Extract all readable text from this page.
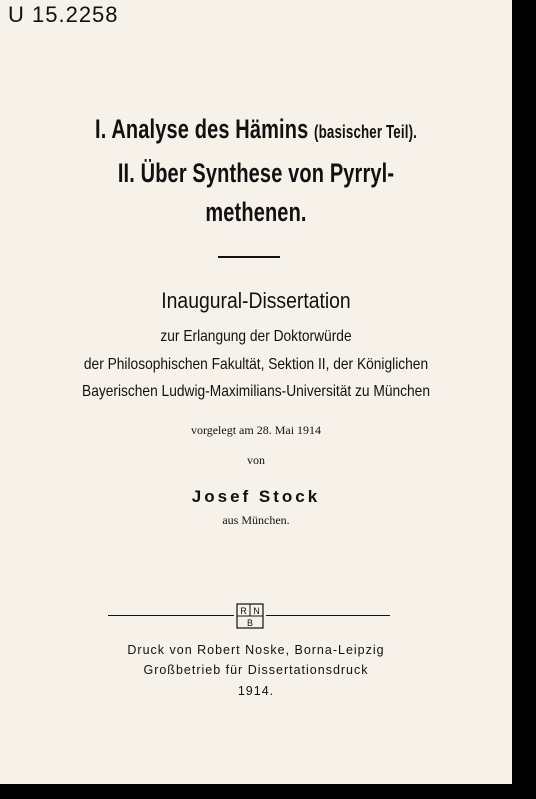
U 15.2258
I. Analyse des Hämins (basischer Teil).
II. Über Synthese von Pyrryl-
methenen.
Inaugural-Dissertation
zur Erlangung der Doktorwürde
der Philosophischen Fakultät, Sektion II, der Königlichen
Bayerischen Ludwig-Maximilians-Universität zu München
vorgelegt am 28. Mai 1914
von
Josef Stock
aus München.
R N
B
Druck von Robert Noske, Borna-Leipzig
Großbetrieb für Dissertationsdruck
1914.
